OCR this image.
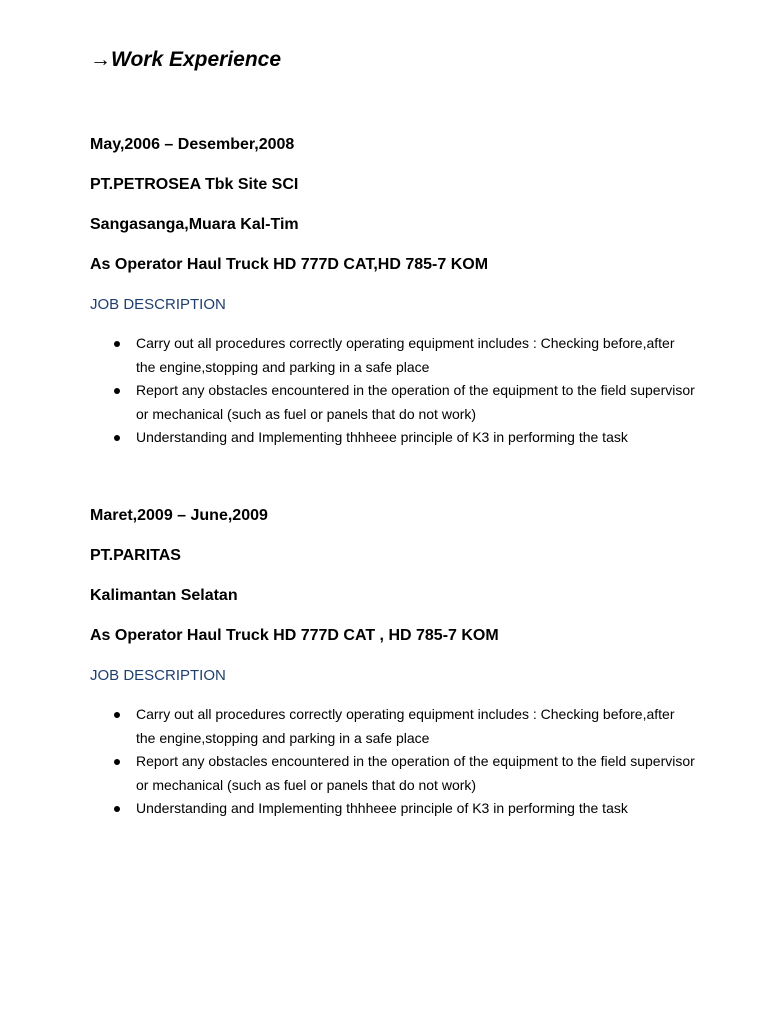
→Work Experience

May,2006 – Desember,2008

PT.PETROSEA Tbk Site SCI

Sangasanga,Muara Kal-Tim

As Operator Haul Truck HD 777D CAT,HD 785-7 KOM

JOB DESCRIPTION

Carry out all procedures correctly operating equipment includes : Checking before,after the engine,stopping and parking in a safe place
Report any obstacles encountered in the operation of the equipment to the field supervisor or mechanical (such as fuel or panels that do not work)
Understanding and Implementing thhheee principle of K3 in performing the task

Maret,2009 – June,2009

PT.PARITAS

Kalimantan Selatan

As Operator Haul Truck HD 777D CAT , HD 785-7 KOM

JOB DESCRIPTION

Carry out all procedures correctly operating equipment includes : Checking before,after the engine,stopping and parking in a safe place
Report any obstacles encountered in the operation of the equipment to the field supervisor or mechanical (such as fuel or panels that do not work)
Understanding and Implementing thhheee principle of K3 in performing the task
